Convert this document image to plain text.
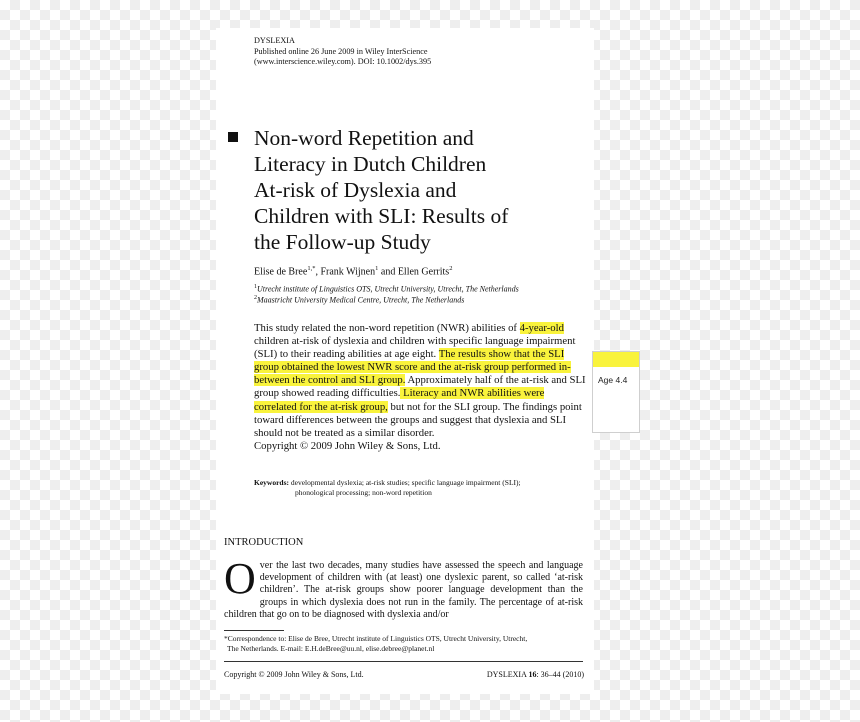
DYSLEXIA
Published online 26 June 2009 in Wiley InterScience
(www.interscience.wiley.com). DOI: 10.1002/dys.395
Non-word Repetition and
Literacy in Dutch Children
At-risk of Dyslexia and
Children with SLI: Results of
the Follow-up Study
Elise de Bree$^{1,*}$, Frank Wijnen$^1$ and Ellen Gerrits$^2$
$^1$Utrecht institute of Linguistics OTS, Utrecht University, Utrecht, The Netherlands
$^2$Maastricht University Medical Centre, Utrecht, The Netherlands
This study related the non-word repetition (NWR) abilities of 4-year-old children at-risk of dyslexia and children with specific language impairment (SLI) to their reading abilities at age eight. The results show that the SLI group obtained the lowest NWR score and the at-risk group performed in-between the control and SLI group. Approximately half of the at-risk and SLI group showed reading difficulties. Literacy and NWR abilities were correlated for the at-risk group, but not for the SLI group. The findings point toward differences between the groups and suggest that dyslexia and SLI should not be treated as a similar disorder.
Copyright © 2009 John Wiley & Sons, Ltd.
Keywords: developmental dyslexia; at-risk studies; specific language impairment (SLI);
phonological processing; non-word repetition
INTRODUCTION
Over the last two decades, many studies have assessed the speech and language development of children with (at least) one dyslexic parent, so called ‘at-risk children’. The at-risk groups show poorer language development than the groups in which dyslexia does not run in the family. The percentage of at-risk children that go on to be diagnosed with dyslexia and/or
*Correspondence to: Elise de Bree, Utrecht institute of Linguistics OTS, Utrecht University, Utrecht,
The Netherlands. E-mail: E.H.deBree@uu.nl, elise.debree@planet.nl
Copyright © 2009 John Wiley & Sons, Ltd.	DYSLEXIA 16: 36–44 (2010)
Age 4.4
